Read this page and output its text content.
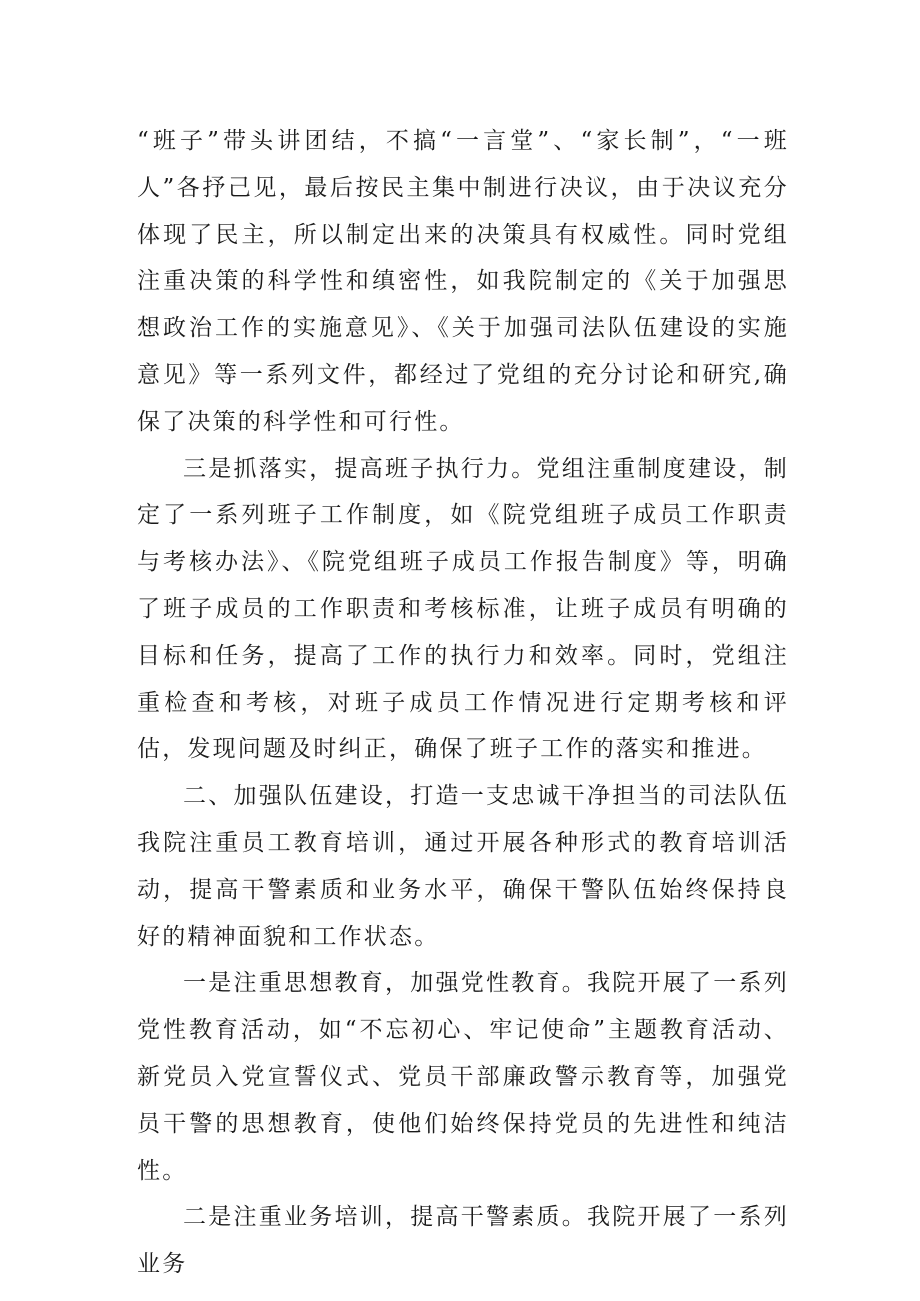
“班子”带头讲团结，不搞“一言堂”、“家长制”，“一班人”各抒己见，最后按民主集中制进行决议，由于决议充分体现了民主，所以制定出来的决策具有权威性。同时党组注重决策的科学性和缜密性，如我院制定的《关于加强思想政治工作的实施意见》、《关于加强司法队伍建设的实施意见》等一系列文件，都经过了党组的充分讨论和研究,确保了决策的科学性和可行性。

三是抓落实，提高班子执行力。党组注重制度建设，制定了一系列班子工作制度，如《院党组班子成员工作职责与考核办法》、《院党组班子成员工作报告制度》等，明确了班子成员的工作职责和考核标准，让班子成员有明确的目标和任务，提高了工作的执行力和效率。同时，党组注重检查和考核，对班子成员工作情况进行定期考核和评估，发现问题及时纠正，确保了班子工作的落实和推进。

二、加强队伍建设，打造一支忠诚干净担当的司法队伍我院注重员工教育培训，通过开展各种形式的教育培训活动，提高干警素质和业务水平，确保干警队伍始终保持良好的精神面貌和工作状态。

一是注重思想教育，加强党性教育。我院开展了一系列党性教育活动，如“不忘初心、牢记使命”主题教育活动、新党员入党宣誓仪式、党员干部廉政警示教育等，加强党员干警的思想教育，使他们始终保持党员的先进性和纯洁性。

二是注重业务培训，提高干警素质。我院开展了一系列业务
